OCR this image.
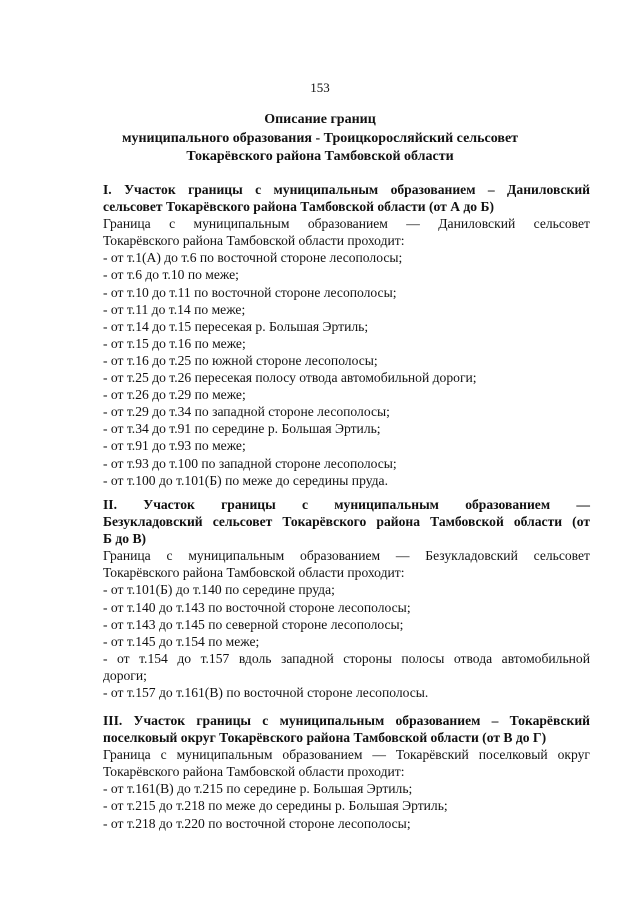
153
Описание границ
муниципального образования - Троицкоросляйский сельсовет
Токарёвского района Тамбовской области
I. Участок границы с муниципальным образованием – Даниловский
сельсовет Токарёвского района Тамбовской области (от А до Б)
Граница с муниципальным образованием — Даниловский сельсовет
Токарёвского района Тамбовской области проходит:
- от т.1(А) до т.6 по восточной стороне лесополосы;
- от т.6 до т.10 по меже;
- от т.10 до т.11 по восточной стороне лесополосы;
- от т.11 до т.14 по меже;
- от т.14 до т.15 пересекая р. Большая Эртиль;
- от т.15 до т.16 по меже;
- от т.16 до т.25 по южной стороне лесополосы;
- от т.25 до т.26 пересекая полосу отвода автомобильной дороги;
- от т.26 до т.29 по меже;
- от т.29 до т.34 по западной стороне лесополосы;
- от т.34 до т.91 по середине р. Большая Эртиль;
- от т.91 до т.93 по меже;
- от т.93 до т.100 по западной стороне лесополосы;
- от т.100 до т.101(Б) по меже до середины пруда.
II. Участок границы с муниципальным образованием —
Безукладовский сельсовет Токарёвского района Тамбовской области (от
Б до В)
Граница с муниципальным образованием — Безукладовский сельсовет
Токарёвского района Тамбовской области проходит:
- от т.101(Б) до т.140 по середине пруда;
- от т.140 до т.143 по восточной стороне лесополосы;
- от т.143 до т.145 по северной стороне лесополосы;
- от т.145 до т.154 по меже;
- от т.154 до т.157 вдоль западной стороны полосы отвода автомобильной
дороги;
- от т.157 до т.161(В) по восточной стороне лесополосы.
III. Участок границы с муниципальным образованием – Токарёвский
поселковый округ Токарёвского района Тамбовской области (от В до Г)
Граница с муниципальным образованием — Токарёвский поселковый округ
Токарёвского района Тамбовской области проходит:
- от т.161(В) до т.215 по середине р. Большая Эртиль;
- от т.215 до т.218 по меже до середины р. Большая Эртиль;
- от т.218 до т.220 по восточной стороне лесополосы;
